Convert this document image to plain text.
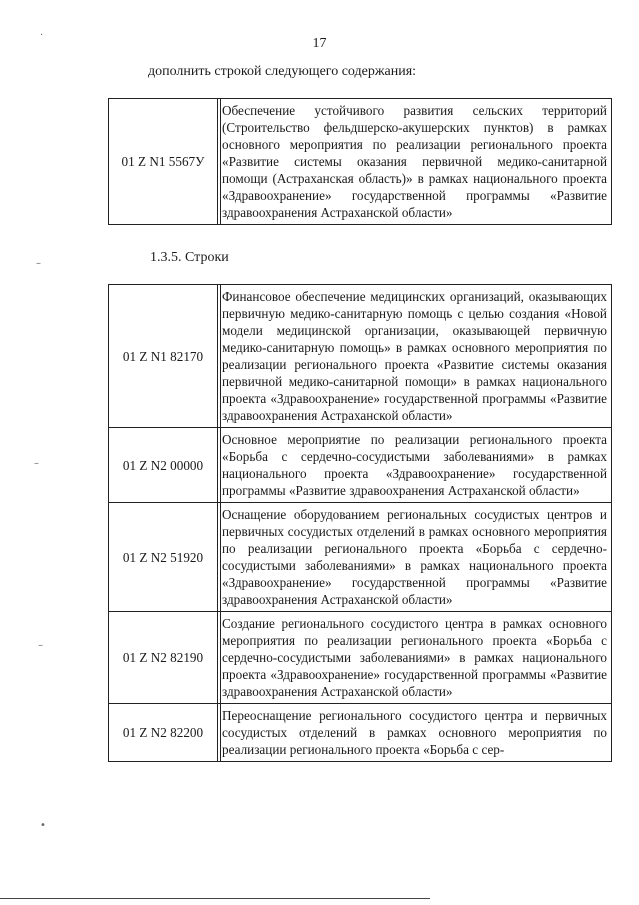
17
дополнить строкой следующего содержания:
01 Z N1 5567У	Обеспечение устойчивого развития сельских территорий (Строительство фельдшерско-акушерских пунктов) в рамках основного мероприятия по реализации регионального проекта «Развитие системы оказания первичной медико-санитарной помощи (Астраханская область)» в рамках национального проекта «Здравоохранение» государственной программы «Развитие здравоохранения Астраханской области»
1.3.5. Строки
01 Z N1 82170	Финансовое обеспечение медицинских организаций, оказывающих первичную медико-санитарную помощь с целью создания «Новой модели медицинской организации, оказывающей первичную медико-санитарную помощь» в рамках основного мероприятия по реализации регионального проекта «Развитие системы оказания первичной медико-санитарной помощи» в рамках национального проекта «Здравоохранение» государственной программы «Развитие здравоохранения Астраханской области»
01 Z N2 00000	Основное мероприятие по реализации регионального проекта «Борьба с сердечно-сосудистыми заболеваниями» в рамках национального проекта «Здравоохранение» государственной программы «Развитие здравоохранения Астраханской области»
01 Z N2 51920	Оснащение оборудованием региональных сосудистых центров и первичных сосудистых отделений в рамках основного мероприятия по реализации регионального проекта «Борьба с сердечно-сосудистыми заболеваниями» в рамках национального проекта «Здравоохранение» государственной программы «Развитие здравоохранения Астраханской области»
01 Z N2 82190	Создание регионального сосудистого центра в рамках основного мероприятия по реализации регионального проекта «Борьба с сердечно-сосудистыми заболеваниями» в рамках национального проекта «Здравоохранение» государственной программы «Развитие здравоохранения Астраханской области»
01 Z N2 82200	Переоснащение регионального сосудистого центра и первичных сосудистых отделений в рамках основного мероприятия по реализации регионального проекта «Борьба с сер-
·
–
–
–
•
